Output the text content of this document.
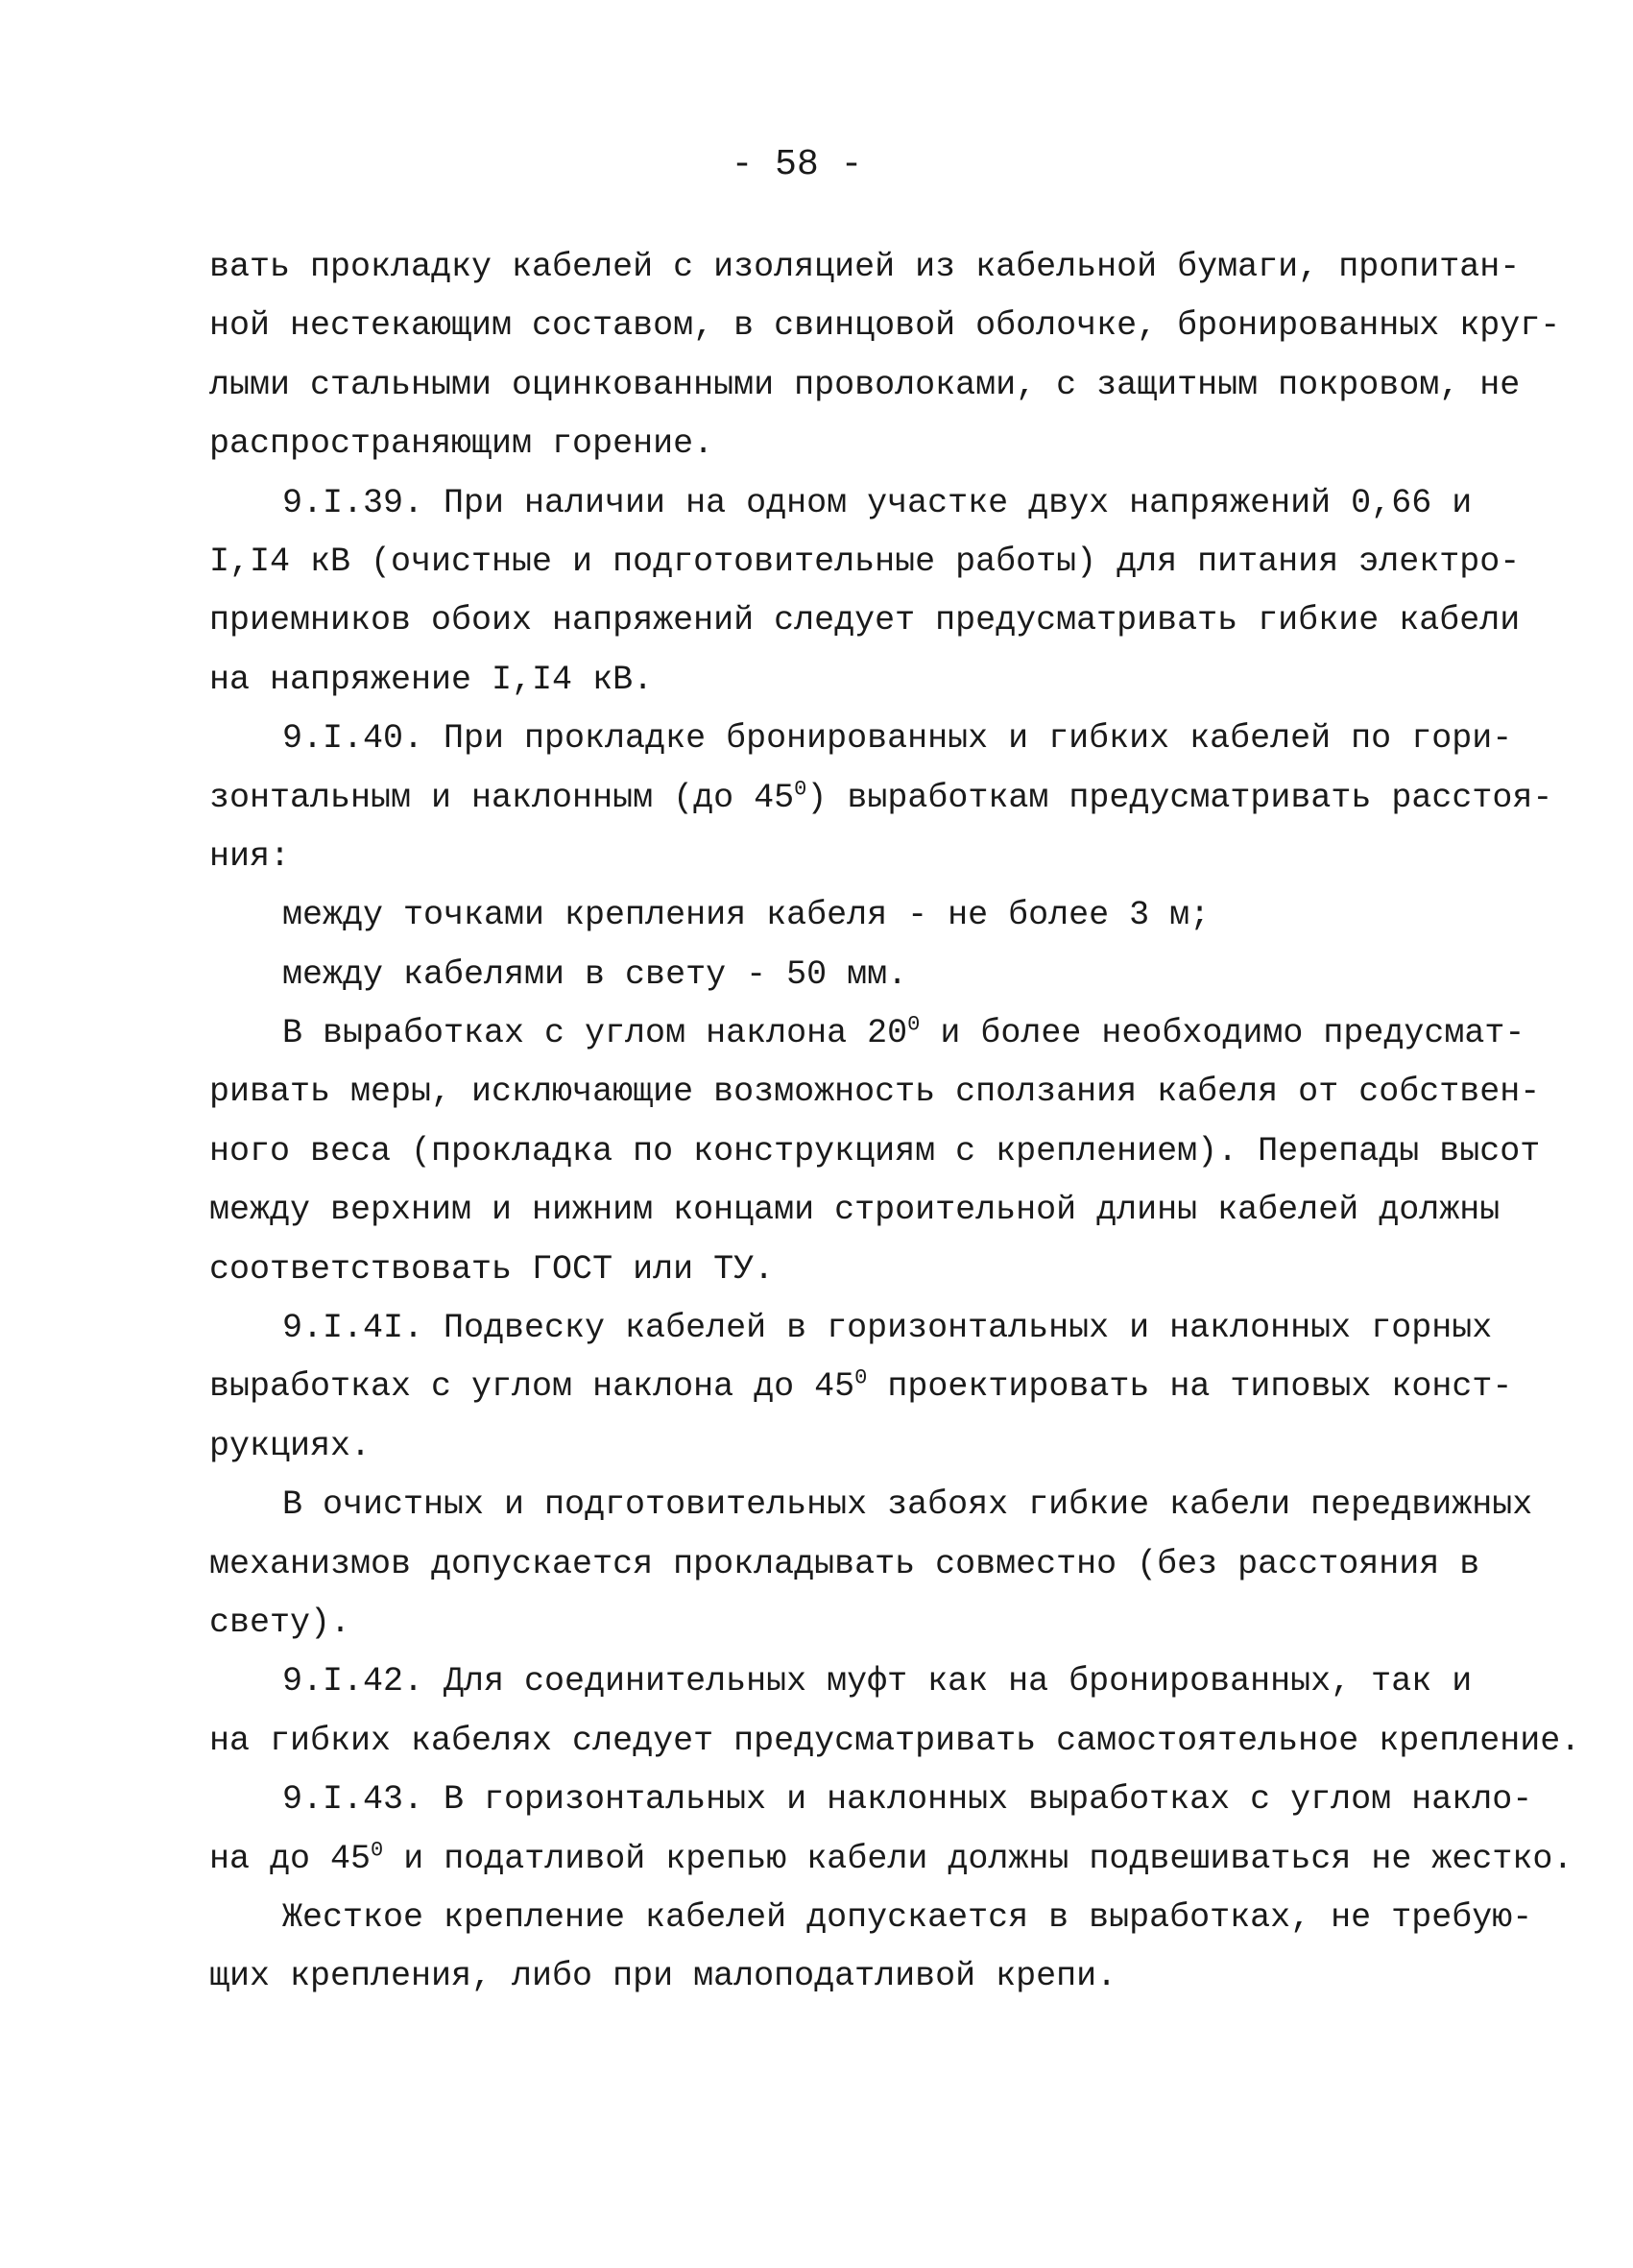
- 58 -
вать прокладку кабелей с изоляцией из кабельной бумаги, пропитан-
ной нестекающим составом, в свинцовой оболочке, бронированных круг-
лыми стальными оцинкованными проволоками, с защитным покровом, не
распространяющим горение.
9.I.39. При наличии на одном участке двух напряжений 0,66 и
I,I4 кВ (очистные и подготовительные работы) для питания электро-
приемников обоих напряжений следует предусматривать гибкие кабели
на напряжение I,I4 кВ.
9.I.40. При прокладке бронированных и гибких кабелей по гори-
зонтальным и наклонным (до $45^0$) выработкам предусматривать расстоя-
ния:
между точками крепления кабеля - не более 3 м;
между кабелями в свету - 50 мм.
В выработках с углом наклона $20^0$ и более необходимо предусмат-
ривать меры, исключающие возможность сползания кабеля от собствен-
ного веса (прокладка по конструкциям с креплением). Перепады высот
между верхним и нижним концами строительной длины кабелей должны
соответствовать ГОСТ или ТУ.
9.I.4I. Подвеску кабелей в горизонтальных и наклонных горных
выработках с углом наклона до $45^0$ проектировать на типовых конст-
рукциях.
В очистных и подготовительных забоях гибкие кабели передвижных
механизмов допускается прокладывать совместно (без расстояния в
свету).
9.I.42. Для соединительных муфт как на бронированных, так и
на гибких кабелях следует предусматривать самостоятельное крепление.
9.I.43. В горизонтальных и наклонных выработках с углом накло-
на до $45^0$ и податливой крепью кабели должны подвешиваться не жестко.
Жесткое крепление кабелей допускается в выработках, не требую-
щих крепления, либо при малоподатливой крепи.
